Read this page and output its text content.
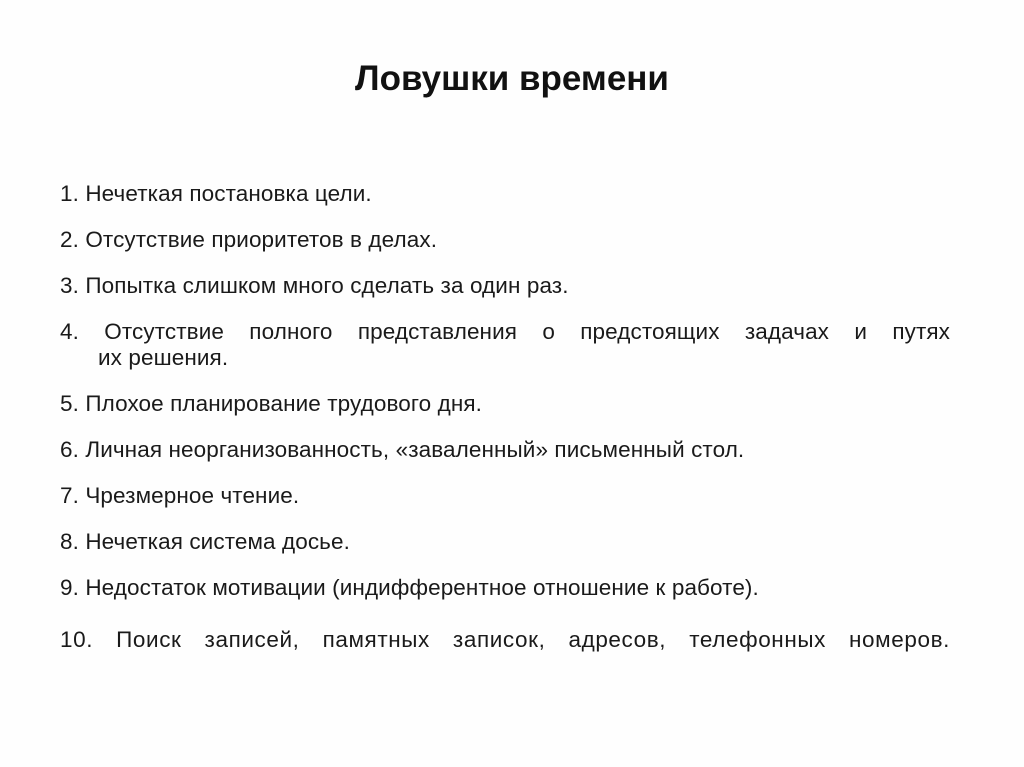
Ловушки времени
1. Нечеткая постановка цели.
2. Отсутствие приоритетов в делах.
3. Попытка слишком много сделать за один раз.
4. Отсутствие полного представления о предстоящих задачах и путях
их решения.
5. Плохое планирование трудового дня.
6. Личная неорганизованность, «заваленный» письменный стол.
7. Чрезмерное чтение.
8. Нечеткая система досье.
9. Недостаток мотивации (индифферентное отношение к работе).
10. Поиск записей, памятных записок, адресов, телефонных номеров.
